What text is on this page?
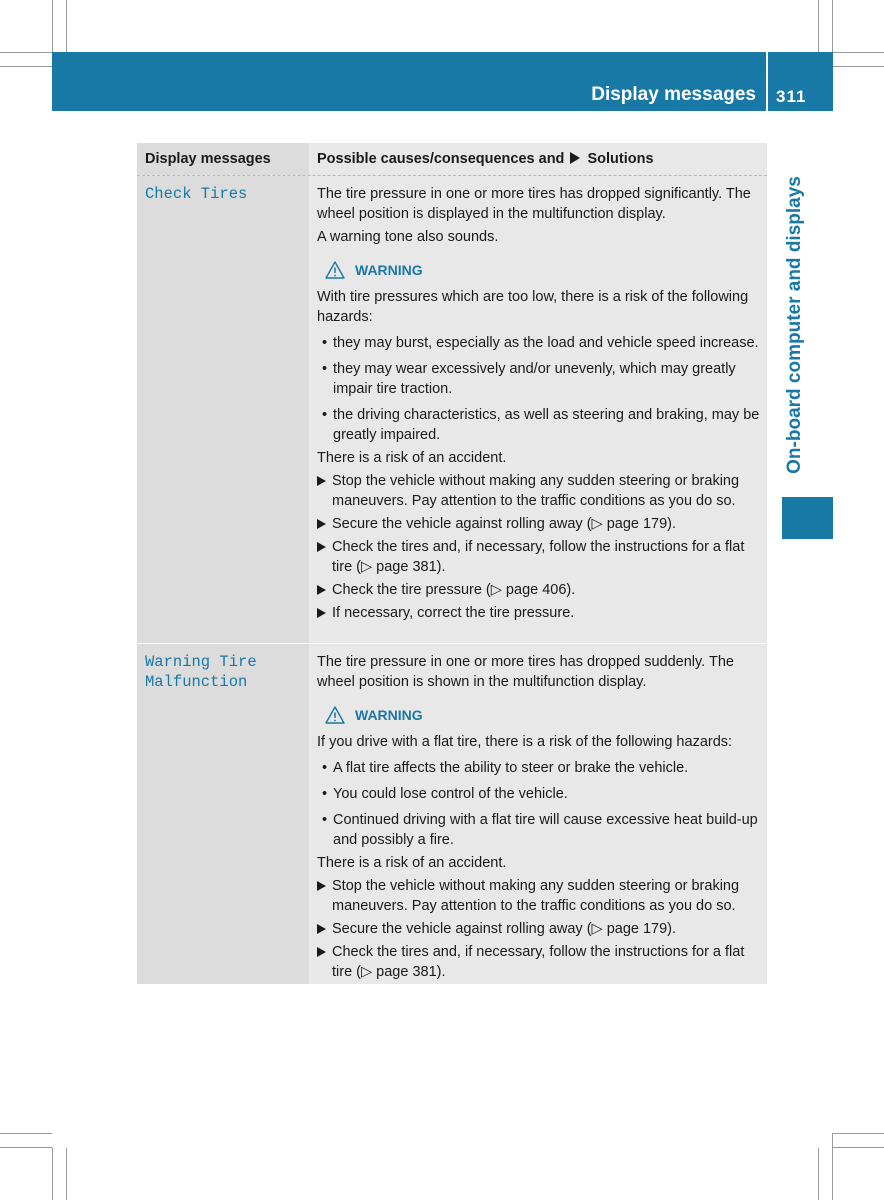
Display messages 311
On-board computer and displays
Display messages	Possible causes/consequences and Solutions
Check Tires	The tire pressure in one or more tires has dropped significantly. The wheel position is displayed in the multifunction display.

A warning tone also sounds.

WARNING

With tire pressures which are too low, there is a risk of the following hazards:

• they may burst, especially as the load and vehicle speed increase.
• they may wear excessively and/or unevenly, which may greatly impair tire traction.
• the driving characteristics, as well as steering and braking, may be greatly impaired.

There is a risk of an accident.

Stop the vehicle without making any sudden steering or braking maneuvers. Pay attention to the traffic conditions as you do so.
Secure the vehicle against rolling away (▷ page 179).
Check the tires and, if necessary, follow the instructions for a flat tire (▷ page 381).
Check the tire pressure (▷ page 406).
If necessary, correct the tire pressure.
Warning Tire
Malfunction

The tire pressure in one or more tires has dropped suddenly. The wheel position is shown in the multifunction display.

WARNING

If you drive with a flat tire, there is a risk of the following hazards:

• A flat tire affects the ability to steer or brake the vehicle.
• You could lose control of the vehicle.
• Continued driving with a flat tire will cause excessive heat build-up and possibly a fire.

There is a risk of an accident.

Stop the vehicle without making any sudden steering or braking maneuvers. Pay attention to the traffic conditions as you do so.
Secure the vehicle against rolling away (▷ page 179).
Check the tires and, if necessary, follow the instructions for a flat tire (▷ page 381).
